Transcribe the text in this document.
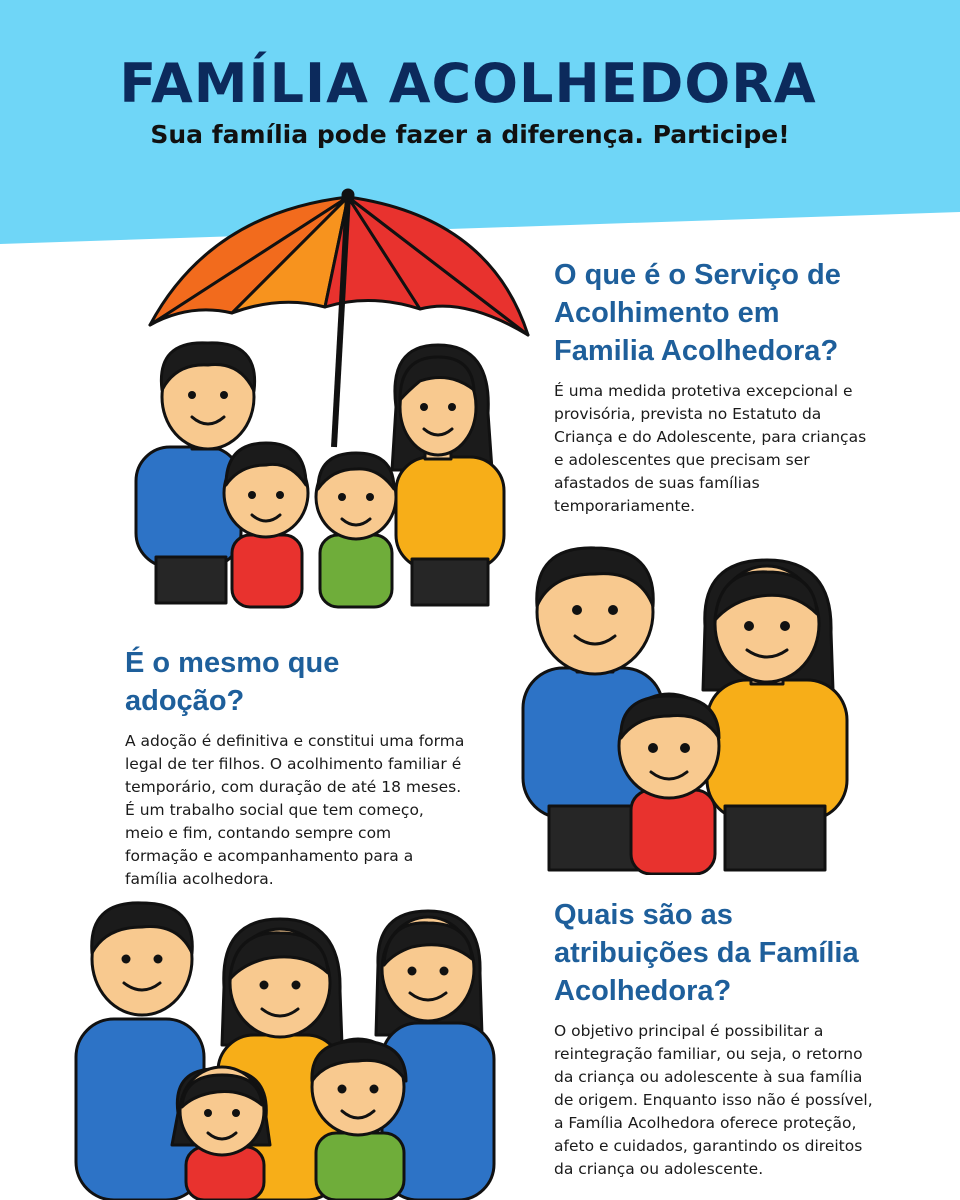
FAMÍLIA ACOLHEDORA
Sua família pode fazer a diferença. Participe!
O que é o Serviço de Acolhimento em Familia Acolhedora?

É uma medida protetiva excepcional e provisória, prevista no Estatuto da Criança e do Adolescente, para crianças e adolescentes que precisam ser afastados de suas famílias temporariamente.

É o mesmo que adoção?

A adoção é definitiva e constitui uma forma legal de ter filhos. O acolhimento familiar é temporário, com duração de até 18 meses. É um trabalho social que tem começo, meio e fim, contando sempre com formação e acompanhamento para a família acolhedora.

Quais são as atribuições da Família Acolhedora?

O objetivo principal é possibilitar a reintegração familiar, ou seja, o retorno da criança ou adolescente à sua família de origem. Enquanto isso não é possível, a Família Acolhedora oferece proteção, afeto e cuidados, garantindo os direitos da criança ou adolescente.
